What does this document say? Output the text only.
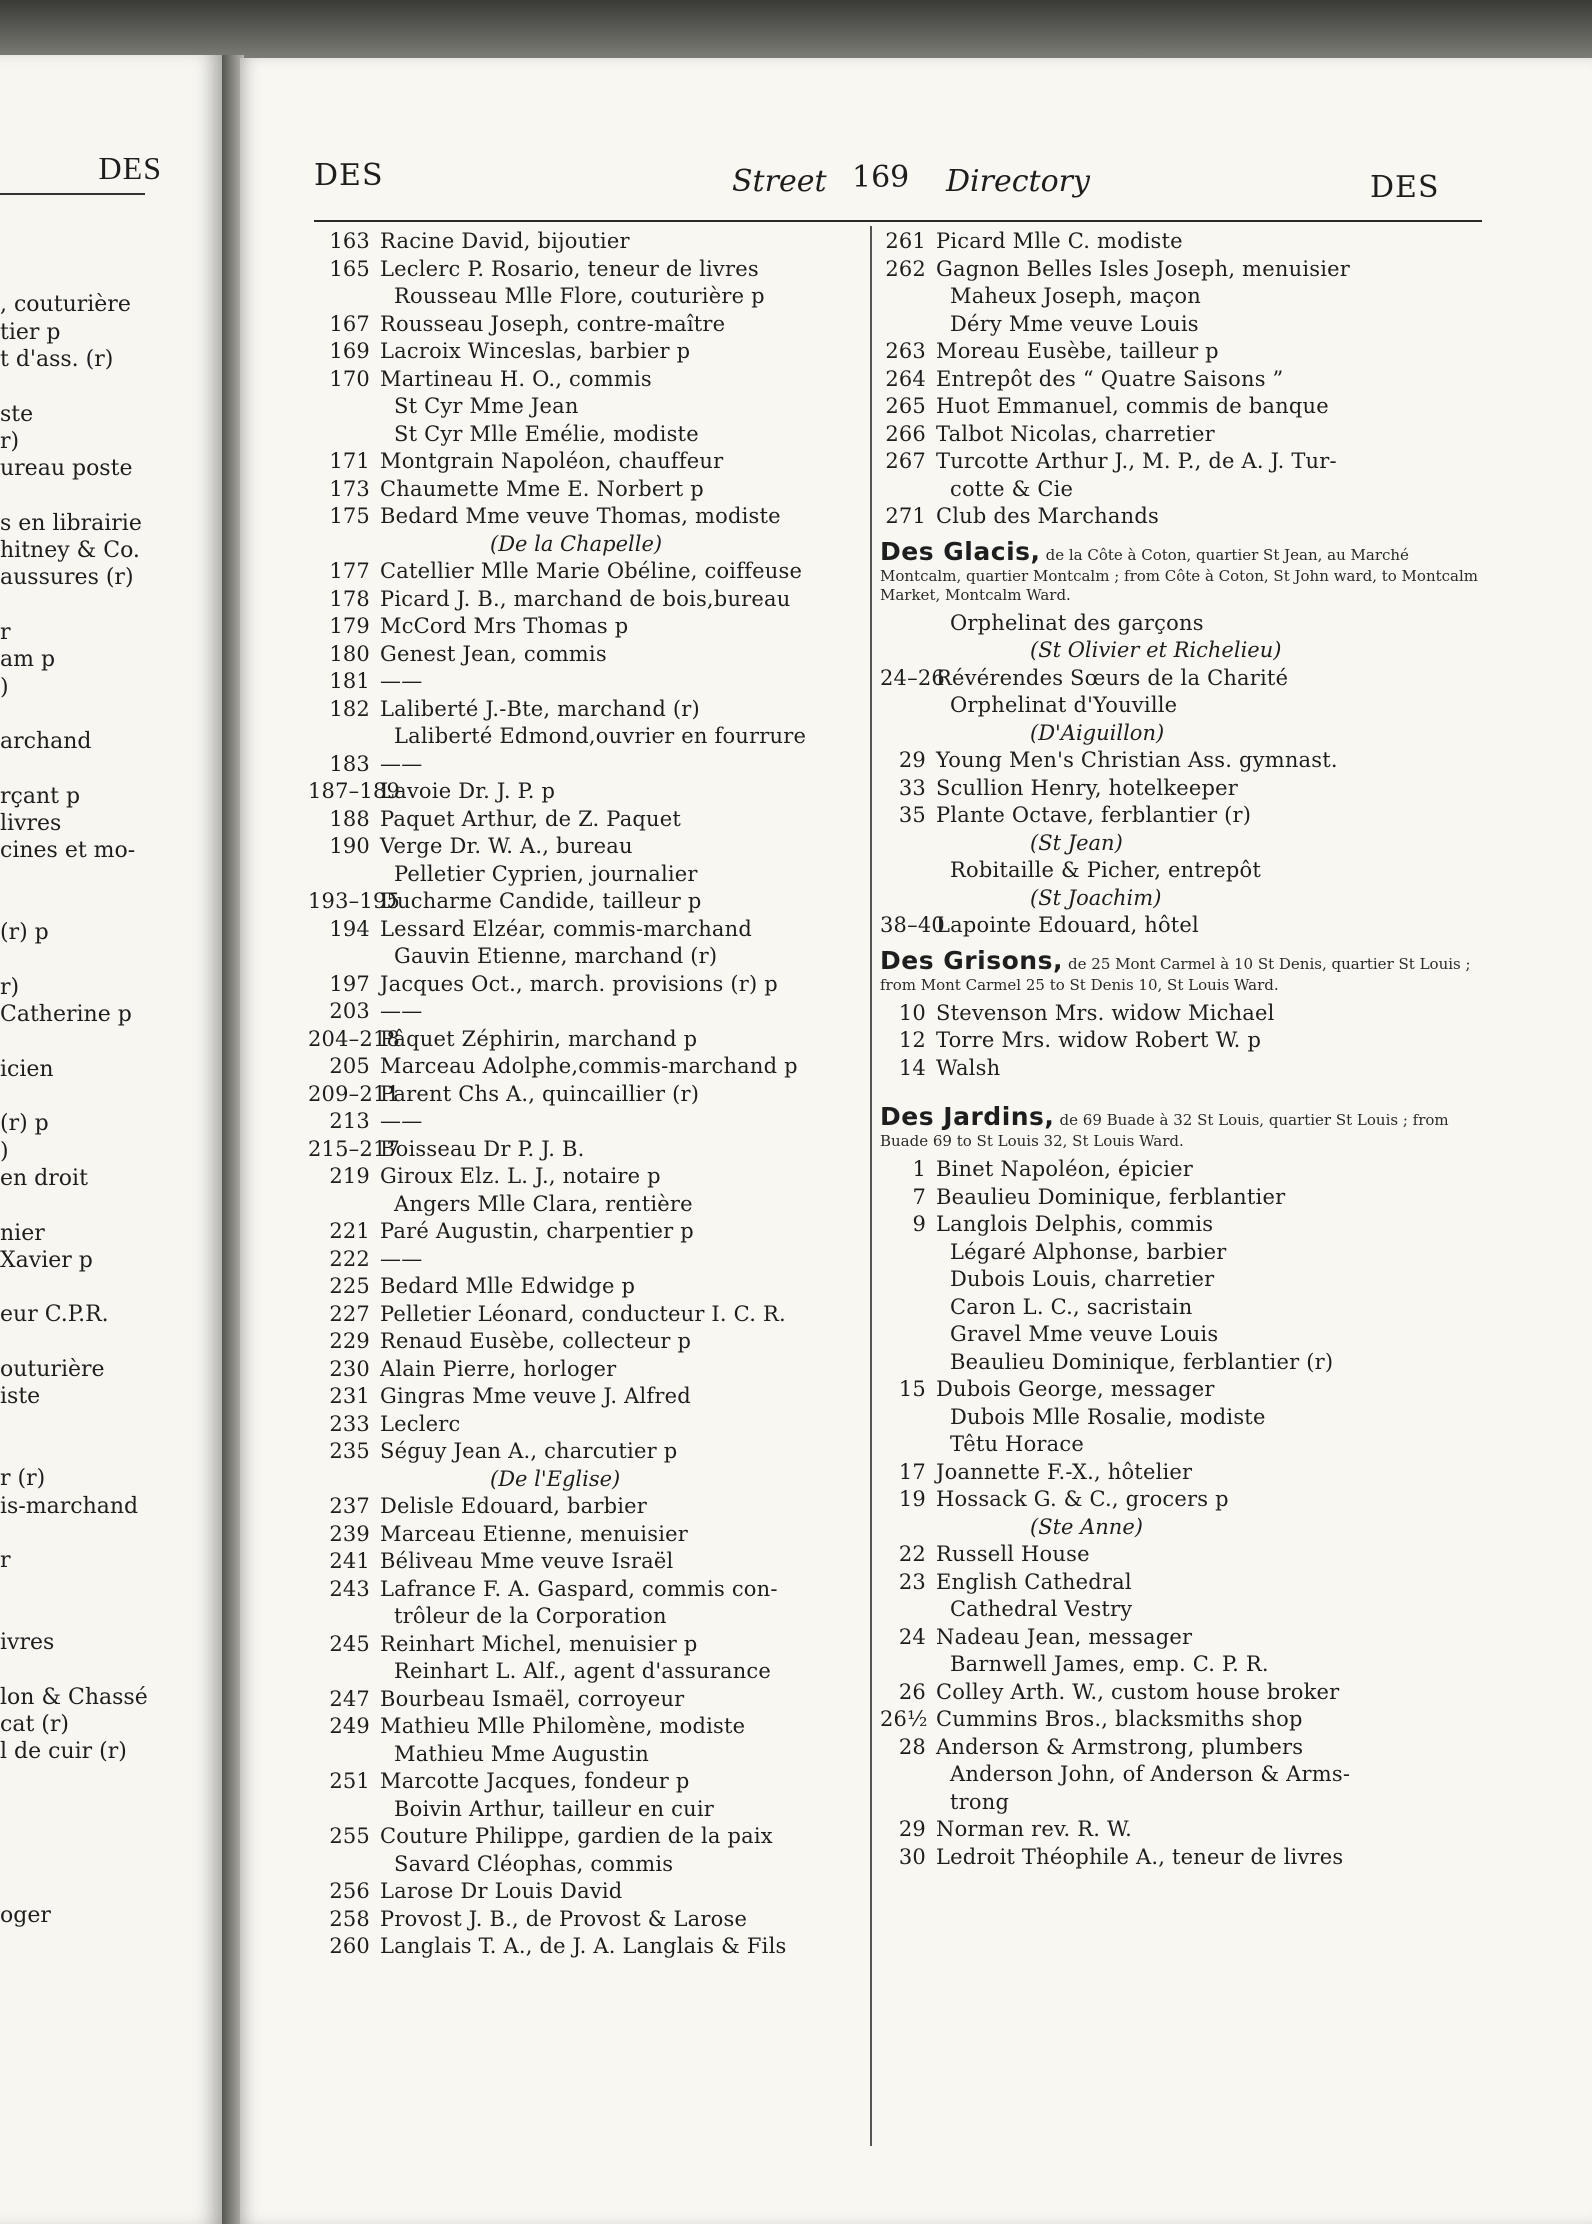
DES
, couturière
tier p
t d'ass. (r)
ste
r)
ureau poste
s en librairie
hitney & Co.
aussures (r)
r
am p
)
archand
rçant p
livres
cines et mo-
(r) p
r)
Catherine p
icien
(r) p
)
en droit
nier
Xavier p
eur C.P.R.
outurière
iste
r (r)
is-marchand
r
ivres
lon & Chassé
cat (r)
l de cuir (r)
oger
DES	Street 169 Directory	DES
163 Racine David, bijoutier
165 Leclerc P. Rosario, teneur de livres
Rousseau Mlle Flore, couturière p
167 Rousseau Joseph, contre-maître
169 Lacroix Winceslas, barbier p
170 Martineau H. O., commis
St Cyr Mme Jean
St Cyr Mlle Emélie, modiste
171 Montgrain Napoléon, chauffeur
173 Chaumette Mme E. Norbert p
175 Bedard Mme veuve Thomas, modiste
(De la Chapelle)
177 Catellier Mlle Marie Obéline, coiffeuse
178 Picard J. B., marchand de bois,bureau
179 McCord Mrs Thomas p
180 Genest Jean, commis
181 ——
182 Laliberté J.-Bte, marchand (r)
Laliberté Edmond,ouvrier en fourrure
183 ——
187–189
Lavoie Dr. J. P. p
188 Paquet Arthur, de Z. Paquet
190 Verge Dr. W. A., bureau
Pelletier Cyprien, journalier
193–195
Ducharme Candide, tailleur p
194 Lessard Elzéar, commis-marchand
Gauvin Etienne, marchand (r)
197 Jacques Oct., march. provisions (r) p
203 ——
204–218
Pâquet Zéphirin, marchand p
205 Marceau Adolphe,commis-marchand p
209–211
Parent Chs A., quincaillier (r)
213 ——
215–217
Boisseau Dr P. J. B.
219 Giroux Elz. L. J., notaire p
Angers Mlle Clara, rentière
221 Paré Augustin, charpentier p
222 ——
225 Bedard Mlle Edwidge p
227 Pelletier Léonard, conducteur I. C. R.
229 Renaud Eusèbe, collecteur p
230 Alain Pierre, horloger
231 Gingras Mme veuve J. Alfred
233 Leclerc
235 Séguy Jean A., charcutier p
(De l'Eglise)
237 Delisle Edouard, barbier
239 Marceau Etienne, menuisier
241 Béliveau Mme veuve Israël
243 Lafrance F. A. Gaspard, commis con-
trôleur de la Corporation
245 Reinhart Michel, menuisier p
Reinhart L. Alf., agent d'assurance
247 Bourbeau Ismaël, corroyeur
249 Mathieu Mlle Philomène, modiste
Mathieu Mme Augustin
251 Marcotte Jacques, fondeur p
Boivin Arthur, tailleur en cuir
255 Couture Philippe, gardien de la paix
Savard Cléophas, commis
256 Larose Dr Louis David
258 Provost J. B., de Provost & Larose
260 Langlais T. A., de J. A. Langlais & Fils
261 Picard Mlle C. modiste
262 Gagnon Belles Isles Joseph, menuisier
Maheux Joseph, maçon
Déry Mme veuve Louis
263 Moreau Eusèbe, tailleur p
264 Entrepôt des “ Quatre Saisons ”
265 Huot Emmanuel, commis de banque
266 Talbot Nicolas, charretier
267 Turcotte Arthur J., M. P., de A. J. Tur-
cotte & Cie
271 Club des Marchands
Des Glacis, de la Côte à Coton, quartier St Jean, au Marché Montcalm, quartier Montcalm ; from Côte à Coton, St John ward, to Montcalm Market, Montcalm Ward.
Orphelinat des garçons
(St Olivier et Richelieu)
24–26
Révérendes Sœurs de la Charité
Orphelinat d'Youville
(D'Aiguillon)
29 Young Men's Christian Ass. gymnast.
33 Scullion Henry, hotelkeeper
35 Plante Octave, ferblantier (r)
(St Jean)
Robitaille & Picher, entrepôt
(St Joachim)
38–40
Lapointe Edouard, hôtel
Des Grisons, de 25 Mont Carmel à 10 St Denis, quartier St Louis ; from Mont Carmel 25 to St Denis 10, St Louis Ward.
10 Stevenson Mrs. widow Michael
12 Torre Mrs. widow Robert W. p
14 Walsh
Des Jardins, de 69 Buade à 32 St Louis, quartier St Louis ; from Buade 69 to St Louis 32, St Louis Ward.
1 Binet Napoléon, épicier
7 Beaulieu Dominique, ferblantier
9 Langlois Delphis, commis
Légaré Alphonse, barbier
Dubois Louis, charretier
Caron L. C., sacristain
Gravel Mme veuve Louis
Beaulieu Dominique, ferblantier (r)
15 Dubois George, messager
Dubois Mlle Rosalie, modiste
Têtu Horace
17 Joannette F.-X., hôtelier
19 Hossack G. & C., grocers p
(Ste Anne)
22 Russell House
23 English Cathedral
Cathedral Vestry
24 Nadeau Jean, messager
Barnwell James, emp. C. P. R.
26 Colley Arth. W., custom house broker
26½ Cummins Bros., blacksmiths shop
28 Anderson & Armstrong, plumbers
Anderson John, of Anderson & Arms-
trong
29 Norman rev. R. W.
30 Ledroit Théophile A., teneur de livres
